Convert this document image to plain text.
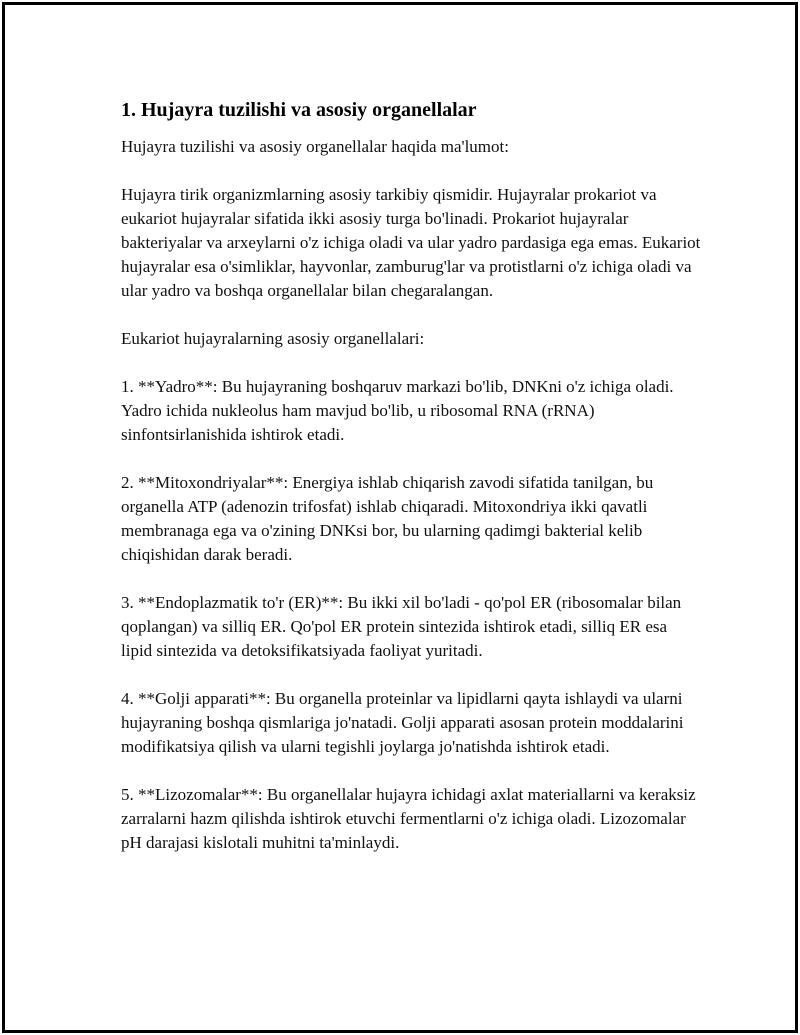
1. Hujayra tuzilishi va asosiy organellalar

Hujayra tuzilishi va asosiy organellalar haqida ma'lumot:

Hujayra tirik organizmlarning asosiy tarkibiy qismidir. Hujayralar prokariot va eukariot hujayralar sifatida ikki asosiy turga bo'linadi. Prokariot hujayralar bakteriyalar va arxeylarni o'z ichiga oladi va ular yadro pardasiga ega emas. Eukariot hujayralar esa o'simliklar, hayvonlar, zamburug'lar va protistlarni o'z ichiga oladi va ular yadro va boshqa organellalar bilan chegaralangan.

Eukariot hujayralarning asosiy organellalari:

1. **Yadro**: Bu hujayraning boshqaruv markazi bo'lib, DNKni o'z ichiga oladi. Yadro ichida nukleolus ham mavjud bo'lib, u ribosomal RNA (rRNA) sinfontsirlanishida ishtirok etadi.

2. **Mitoxondriyalar**: Energiya ishlab chiqarish zavodi sifatida tanilgan, bu organella ATP (adenozin trifosfat) ishlab chiqaradi. Mitoxondriya ikki qavatli membranaga ega va o'zining DNKsi bor, bu ularning qadimgi bakterial kelib chiqishidan darak beradi.

3. **Endoplazmatik to'r (ER)**: Bu ikki xil bo'ladi - qo'pol ER (ribosomalar bilan qoplangan) va silliq ER. Qo'pol ER protein sintezida ishtirok etadi, silliq ER esa lipid sintezida va detoksifikatsiyada faoliyat yuritadi.

4. **Golji apparati**: Bu organella proteinlar va lipidlarni qayta ishlaydi va ularni hujayraning boshqa qismlariga jo'natadi. Golji apparati asosan protein moddalarini modifikatsiya qilish va ularni tegishli joylarga jo'natishda ishtirok etadi.

5. **Lizozomalar**: Bu organellalar hujayra ichidagi axlat materiallarni va keraksiz zarralarni hazm qilishda ishtirok etuvchi fermentlarni o'z ichiga oladi. Lizozomalar pH darajasi kislotali muhitni ta'minlaydi.
